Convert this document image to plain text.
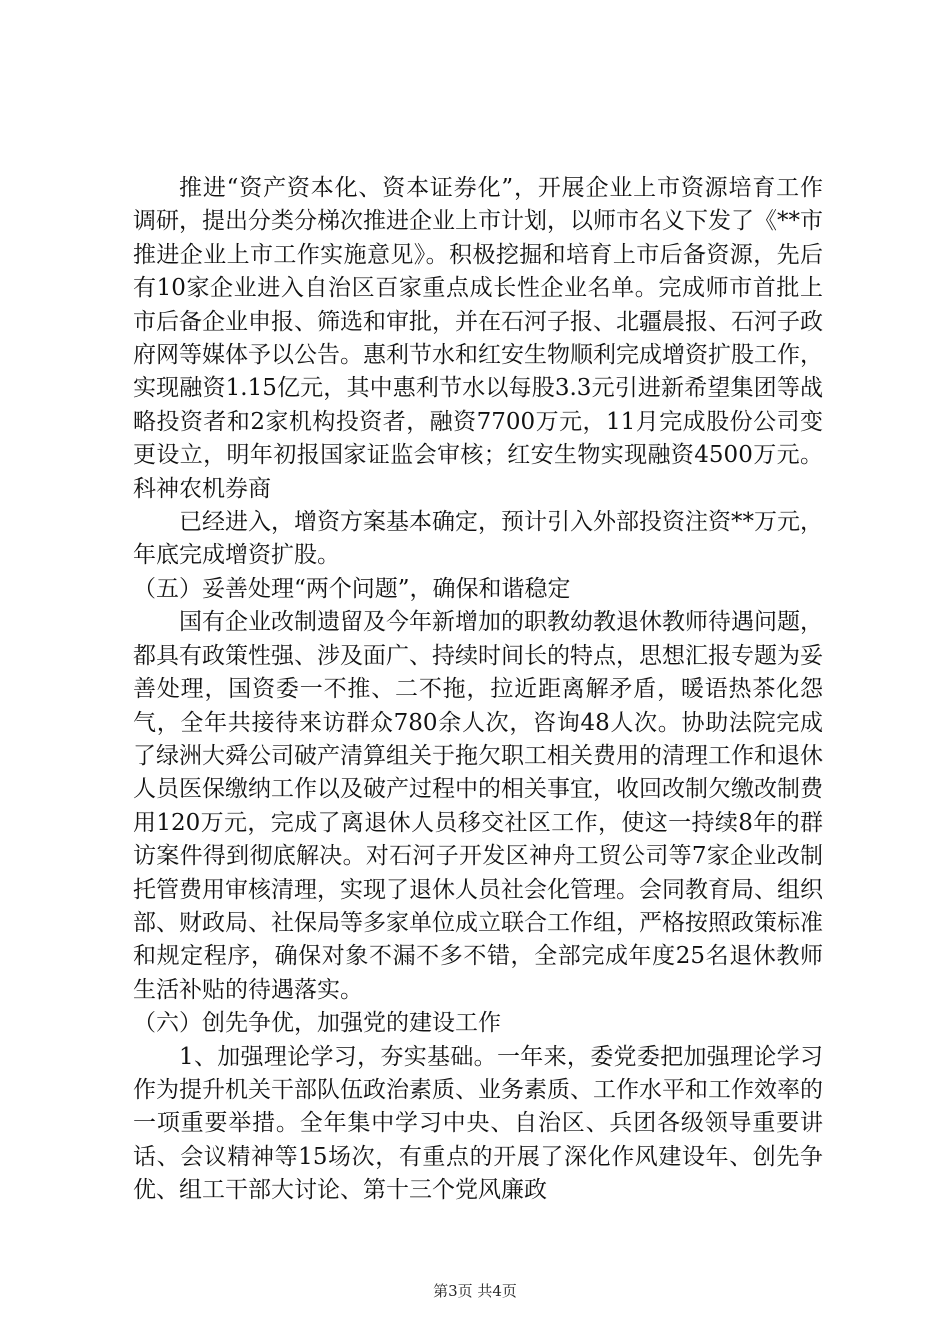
推进“资产资本化、资本证券化”，开展企业上市资源培育工作调研，提出分类分梯次推进企业上市计划，以师市名义下发了《**市推进企业上市工作实施意见》。积极挖掘和培育上市后备资源，先后有10家企业进入自治区百家重点成长性企业名单。完成师市首批上市后备企业申报、筛选和审批，并在石河子报、北疆晨报、石河子政府网等媒体予以公告。惠利节水和红安生物顺利完成增资扩股工作，实现融资1.15亿元，其中惠利节水以每股3.3元引进新希望集团等战略投资者和2家机构投资者，融资7700万元，11月完成股份公司变更设立，明年初报国家证监会审核；红安生物实现融资4500万元。科神农机券商

已经进入，增资方案基本确定，预计引入外部投资注资**万元，年底完成增资扩股。

（五）妥善处理“两个问题”，确保和谐稳定

国有企业改制遗留及今年新增加的职教幼教退休教师待遇问题，都具有政策性强、涉及面广、持续时间长的特点，思想汇报专题为妥善处理，国资委一不推、二不拖，拉近距离解矛盾，暖语热茶化怨气，全年共接待来访群众780余人次，咨询48人次。协助法院完成了绿洲大舜公司破产清算组关于拖欠职工相关费用的清理工作和退休人员医保缴纳工作以及破产过程中的相关事宜，收回改制欠缴改制费用120万元，完成了离退休人员移交社区工作，使这一持续8年的群访案件得到彻底解决。对石河子开发区神舟工贸公司等7家企业改制托管费用审核清理，实现了退休人员社会化管理。会同教育局、组织部、财政局、社保局等多家单位成立联合工作组，严格按照政策标准和规定程序，确保对象不漏不多不错，全部完成年度25名退休教师生活补贴的待遇落实。

（六）创先争优，加强党的建设工作

1、加强理论学习，夯实基础。一年来，委党委把加强理论学习作为提升机关干部队伍政治素质、业务素质、工作水平和工作效率的一项重要举措。全年集中学习中央、自治区、兵团各级领导重要讲话、会议精神等15场次，有重点的开展了深化作风建设年、创先争优、组工干部大讨论、第十三个党风廉政

第3页 共4页
